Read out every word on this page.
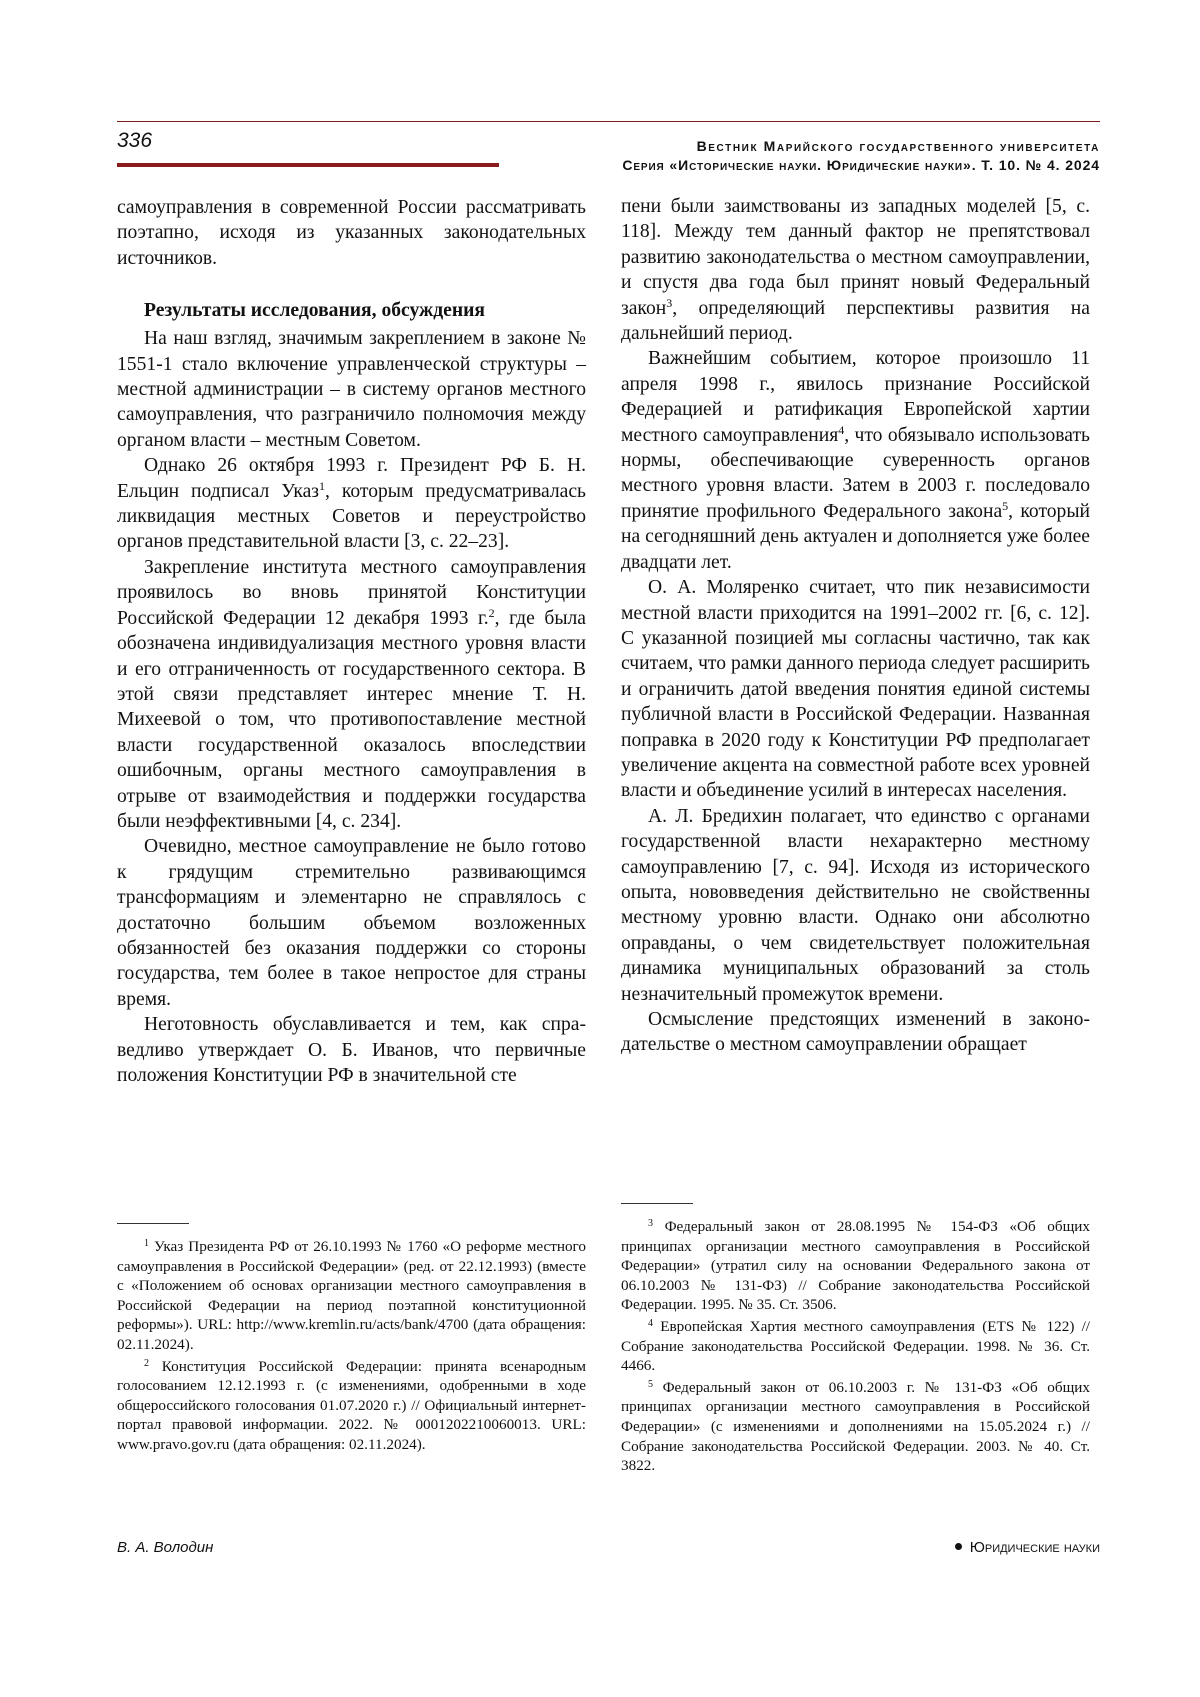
336	Вестник Марийского государственного университета
Серия «Исторические науки. Юридические науки». Т. 10. № 4. 2024

самоуправления в современной России рассматривать поэтапно, исходя из указанных законодательных источников.

Результаты исследования, обсуждения

На наш взгляд, значимым закреплением в законе № 1551-1 стало включение управленческой структуры – местной администрации – в систему органов местного самоуправления, что разграничило полномочия между органом власти – местным Советом.

Однако 26 октября 1993 г. Президент РФ Б. Н. Ельцин подписал Указ$^1$, которым предусматривалась ликвидация местных Советов и переустройство органов представительной власти [3, с. 22–23].

Закрепление института местного самоуправления проявилось во вновь принятой Конституции Российской Федерации 12 декабря 1993 г.$^2$, где была обозначена индивидуализация местного уровня власти и его отграниченность от государственного сектора. В этой связи представляет интерес мнение Т. Н. Михеевой о том, что противопоставление местной власти государственной оказалось впоследствии ошибочным, органы местного самоуправления в отрыве от взаимодействия и поддержки государства были неэффективными [4, с. 234].

Очевидно, местное самоуправление не было готово к грядущим стремительно развивающимся трансформациям и элементарно не справлялось с достаточно большим объемом возложенных обязанностей без оказания поддержки со стороны государства, тем более в такое непростое для страны время.

Неготовность обуславливается и тем, как справедливо утверждает О. Б. Иванов, что первичные положения Конституции РФ в значительной сте

пени были заимствованы из западных моделей [5, с. 118]. Между тем данный фактор не препятствовал развитию законодательства о местном самоуправлении, и спустя два года был принят новый Федеральный закон$^3$, определяющий перспективы развития на дальнейший период.

Важнейшим событием, которое произошло 11 апреля 1998 г., явилось признание Российской Федерацией и ратификация Европейской хартии местного самоуправления$^4$, что обязывало использовать нормы, обеспечивающие суверенность органов местного уровня власти. Затем в 2003 г. последовало принятие профильного Федерального закона$^5$, который на сегодняшний день актуален и дополняется уже более двадцати лет.

О. А. Моляренко считает, что пик независимости местной власти приходится на 1991–2002 гг. [6, с. 12]. С указанной позицией мы согласны частично, так как считаем, что рамки данного периода следует расширить и ограничить датой введения понятия единой системы публичной власти в Российской Федерации. Названная поправка в 2020 году к Конституции РФ предполагает увеличение акцента на совместной работе всех уровней власти и объединение усилий в интересах населения.

А. Л. Бредихин полагает, что единство с органами государственной власти нехарактерно местному самоуправлению [7, с. 94]. Исходя из исторического опыта, нововведения действительно не свойственны местному уровню власти. Однако они абсолютно оправданы, о чем свидетельствует положительная динамика муниципальных образований за столь незначительный промежуток времени.

Осмысление предстоящих изменений в законодательстве о местном самоуправлении обращает

$^1$ Указ Президента РФ от 26.10.1993 № 1760 «О реформе местного самоуправления в Российской Федерации» (ред. от 22.12.1993) (вместе с «Положением об основах организации местного самоуправления в Российской Федерации на период поэтапной конституционной реформы»). URL: http://www.kremlin.ru/acts/bank/4700 (дата обращения: 02.11.2024).

$^2$ Конституция Российской Федерации: принята всенародным голосованием 12.12.1993 г. (с изменениями, одобренными в ходе общероссийского голосования 01.07.2020 г.) // Официальный интернет-портал правовой информации. 2022. № 0001202210060013. URL: www.pravo.gov.ru (дата обращения: 02.11.2024).

$^3$ Федеральный закон от 28.08.1995 № 154-ФЗ «Об общих принципах организации местного самоуправления в Российской Федерации» (утратил силу на основании Федерального закона от 06.10.2003 № 131-ФЗ) // Собрание законодательства Российской Федерации. 1995. № 35. Ст. 3506.

$^4$ Европейская Хартия местного самоуправления (ETS № 122) // Собрание законодательства Российской Федерации. 1998. № 36. Ст. 4466.

$^5$ Федеральный закон от 06.10.2003 г. № 131-ФЗ «Об общих принципах организации местного самоуправления в Российской Федерации» (с изменениями и дополнениями на 15.05.2024 г.) // Собрание законодательства Российской Федерации. 2003. № 40. Ст. 3822.

В. А. Володин	Юридические науки
